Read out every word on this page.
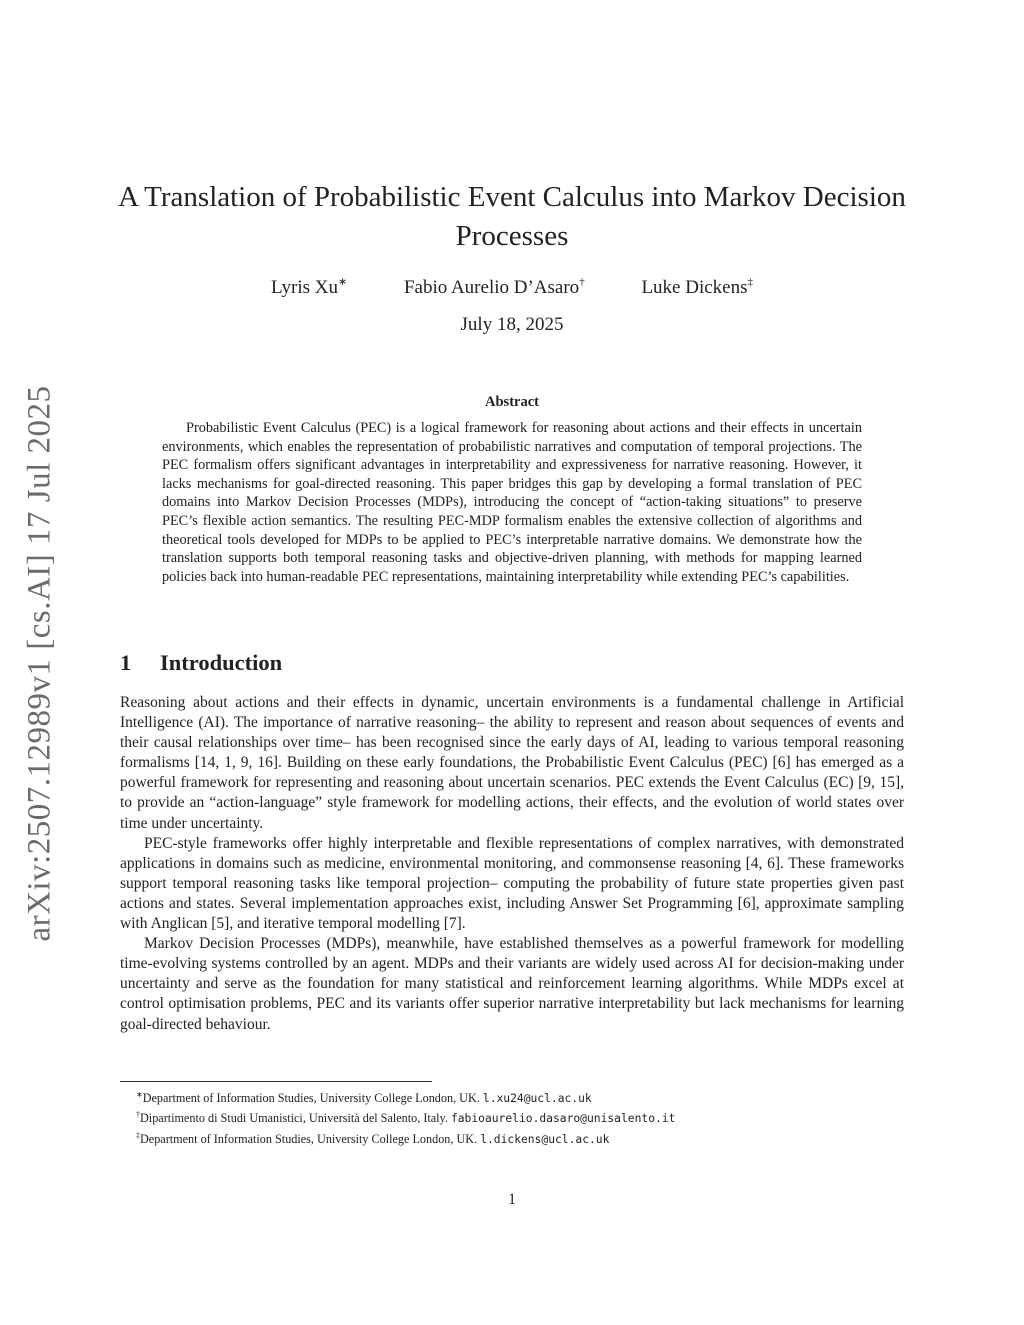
arXiv:2507.12989v1 [cs.AI] 17 Jul 2025
A Translation of Probabilistic Event Calculus into Markov Decision Processes
Lyris Xu∗	Fabio Aurelio D’Asaro†	Luke Dickens‡
July 18, 2025
Abstract

Probabilistic Event Calculus (PEC) is a logical framework for reasoning about actions and their effects in uncertain environments, which enables the representation of probabilistic narratives and computation of temporal projections. The PEC formalism offers significant advantages in interpretability and expressiveness for narrative reasoning. However, it lacks mechanisms for goal-directed reasoning. This paper bridges this gap by developing a formal translation of PEC domains into Markov Decision Processes (MDPs), introducing the concept of “action-taking situations” to preserve PEC’s flexible action semantics. The resulting PEC-MDP formalism enables the extensive collection of algorithms and theoretical tools developed for MDPs to be applied to PEC’s interpretable narrative domains. We demonstrate how the translation supports both temporal reasoning tasks and objective-driven planning, with methods for mapping learned policies back into human-readable PEC representations, maintaining interpretability while extending PEC’s capabilities.

1 Introduction

Reasoning about actions and their effects in dynamic, uncertain environments is a fundamental challenge in Artificial Intelligence (AI). The importance of narrative reasoning– the ability to represent and reason about sequences of events and their causal relationships over time– has been recognised since the early days of AI, leading to various temporal reasoning formalisms [14, 1, 9, 16]. Building on these early foundations, the Probabilistic Event Calculus (PEC) [6] has emerged as a powerful framework for representing and reasoning about uncertain scenarios. PEC extends the Event Calculus (EC) [9, 15], to provide an “action-language” style framework for modelling actions, their effects, and the evolution of world states over time under uncertainty.

PEC-style frameworks offer highly interpretable and flexible representations of complex narratives, with demonstrated applications in domains such as medicine, environmental monitoring, and commonsense reasoning [4, 6]. These frameworks support temporal reasoning tasks like temporal projection– computing the probability of future state properties given past actions and states. Several implementation approaches exist, including Answer Set Programming [6], approximate sampling with Anglican [5], and iterative temporal modelling [7].

Markov Decision Processes (MDPs), meanwhile, have established themselves as a powerful framework for modelling time-evolving systems controlled by an agent. MDPs and their variants are widely used across AI for decision-making under uncertainty and serve as the foundation for many statistical and reinforcement learning algorithms. While MDPs excel at control optimisation problems, PEC and its variants offer superior narrative interpretability but lack mechanisms for learning goal-directed behaviour.

∗Department of Information Studies, University College London, UK. l.xu24@ucl.ac.uk

†Dipartimento di Studi Umanistici, Università del Salento, Italy. fabioaurelio.dasaro@unisalento.it

‡Department of Information Studies, University College London, UK. l.dickens@ucl.ac.uk

1
